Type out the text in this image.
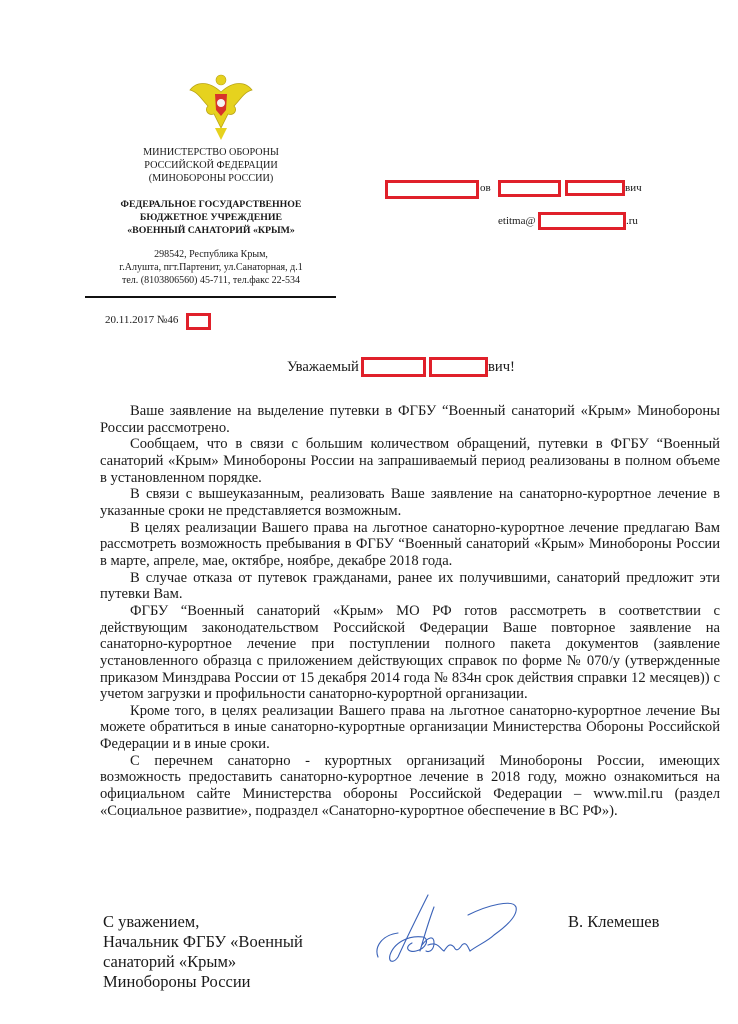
МИНИСТЕРСТВО ОБОРОНЫ
РОССИЙСКОЙ ФЕДЕРАЦИИ
(МИНОБОРОНЫ РОССИИ)
ФЕДЕРАЛЬНОЕ ГОСУДАРСТВЕННОЕ
БЮДЖЕТНОЕ УЧРЕЖДЕНИЕ
«ВОЕННЫЙ САНАТОРИЙ «КРЫМ»
298542, Республика Крым,
г.Алушта, пгт.Партенит, ул.Санаторная, д.1
тел. (8103806560) 45-711, тел.факс 22-534
20.11.2017 №46
ов	вич
etitma@	.ru
Уважаемый	вич!
Ваше заявление на выделение путевки в ФГБУ “Военный санаторий «Крым» Минобороны
России рассмотрено.
Сообщаем, что в связи с большим количеством обращений, путевки в ФГБУ “Военный
санаторий «Крым» Минобороны России на запрашиваемый период реализованы в полном объеме
в установленном порядке.
В связи с вышеуказанным, реализовать Ваше заявление на санаторно-курортное лечение в
указанные сроки не представляется возможным.
В целях реализации Вашего права на льготное санаторно-курортное лечение предлагаю Вам
рассмотреть возможность пребывания в ФГБУ “Военный санаторий «Крым» Минобороны России
в марте, апреле, мае, октябре, ноябре, декабре 2018 года.
В случае отказа от путевок гражданами, ранее их получившими, санаторий предложит эти
путевки Вам.
ФГБУ “Военный санаторий «Крым» МО РФ готов рассмотреть в соответствии с
действующим законодательством Российской Федерации Ваше повторное заявление на
санаторно-курортное лечение при поступлении полного пакета документов (заявление
установленного образца с приложением действующих справок по форме № 070/у (утвержденные
приказом Минздрава России от 15 декабря 2014 года № 834н срок действия справки 12 месяцев)) с
учетом загрузки и профильности санаторно-курортной организации.
Кроме того, в целях реализации Вашего права на льготное санаторно-курортное лечение Вы
можете обратиться в иные санаторно-курортные организации Министерства Обороны Российской
Федерации и в иные сроки.
С перечнем санаторно - курортных организаций Минобороны России, имеющих
возможность предоставить санаторно-курортное лечение в 2018 году, можно ознакомиться на
официальном сайте Министерства обороны Российской Федерации – www.mil.ru (раздел
«Социальное развитие», подраздел «Санаторно-курортное обеспечение в ВС РФ»).
С уважением,
Начальник ФГБУ «Военный
санаторий «Крым»
Минобороны России
В. Клемешев
